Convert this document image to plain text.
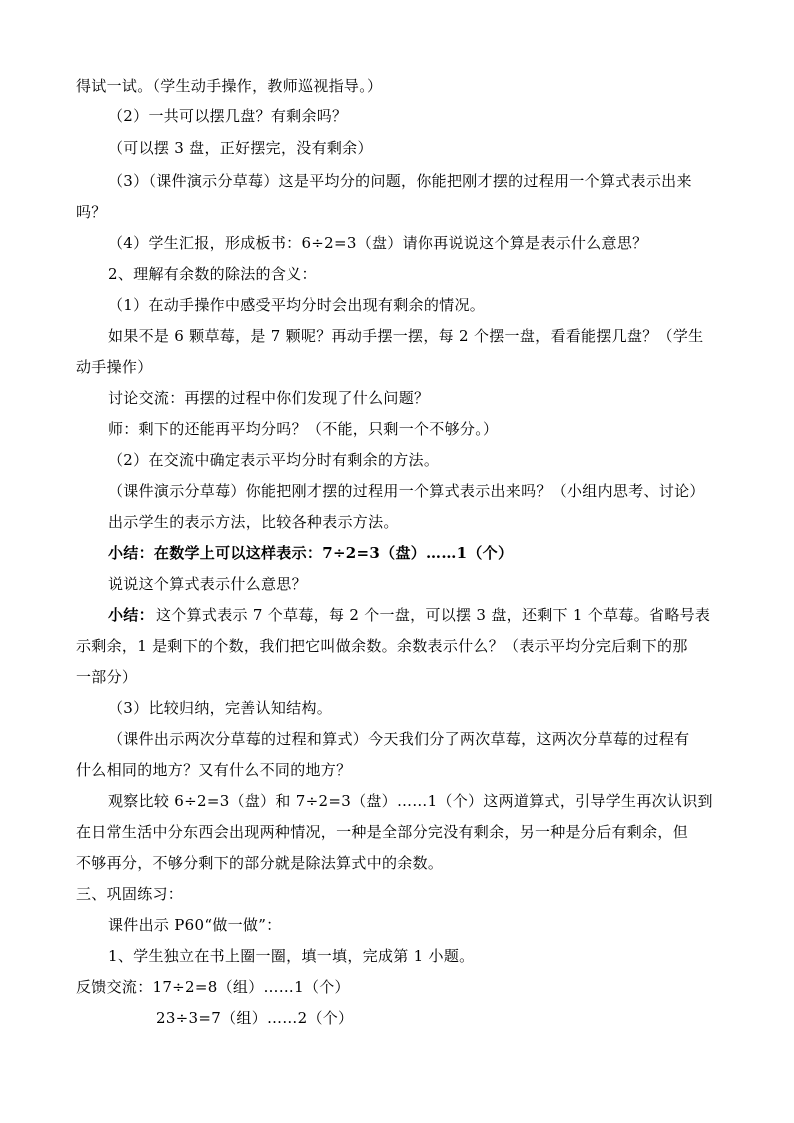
得试一试。（学生动手操作，教师巡视指导。）
（2）一共可以摆几盘？有剩余吗？
（可以摆 3 盘，正好摆完，没有剩余）
（3）（课件演示分草莓）这是平均分的问题，你能把刚才摆的过程用一个算式表示出来
吗？
（4）学生汇报，形成板书：6÷2=3（盘）请你再说说这个算是表示什么意思？
2、理解有余数的除法的含义：
（1）在动手操作中感受平均分时会出现有剩余的情况。
如果不是 6 颗草莓，是 7 颗呢？再动手摆一摆，每 2 个摆一盘，看看能摆几盘？（学生
动手操作）
讨论交流：再摆的过程中你们发现了什么问题？
师：剩下的还能再平均分吗？（不能，只剩一个不够分。）
（2）在交流中确定表示平均分时有剩余的方法。
（课件演示分草莓）你能把刚才摆的过程用一个算式表示出来吗？（小组内思考、讨论）
出示学生的表示方法，比较各种表示方法。
小结：在数学上可以这样表示：7÷2=3（盘）……1（个）
说说这个算式表示什么意思？
小结： 这个算式表示 7 个草莓，每 2 个一盘，可以摆 3 盘，还剩下 1 个草莓。省略号表
示剩余，1 是剩下的个数，我们把它叫做余数。余数表示什么？（表示平均分完后剩下的那
一部分）
（3）比较归纳，完善认知结构。
（课件出示两次分草莓的过程和算式）今天我们分了两次草莓，这两次分草莓的过程有
什么相同的地方？又有什么不同的地方？
观察比较 6÷2=3（盘）和 7÷2=3（盘）……1（个）这两道算式，引导学生再次认识到
在日常生活中分东西会出现两种情况，一种是全部分完没有剩余，另一种是分后有剩余，但
不够再分，不够分剩下的部分就是除法算式中的余数。
三、巩固练习：
课件出示 P60“做一做”：
1、学生独立在书上圈一圈，填一填，完成第 1 小题。
反馈交流：17÷2=8（组）……1（个）
23÷3=7（组）……2（个）
